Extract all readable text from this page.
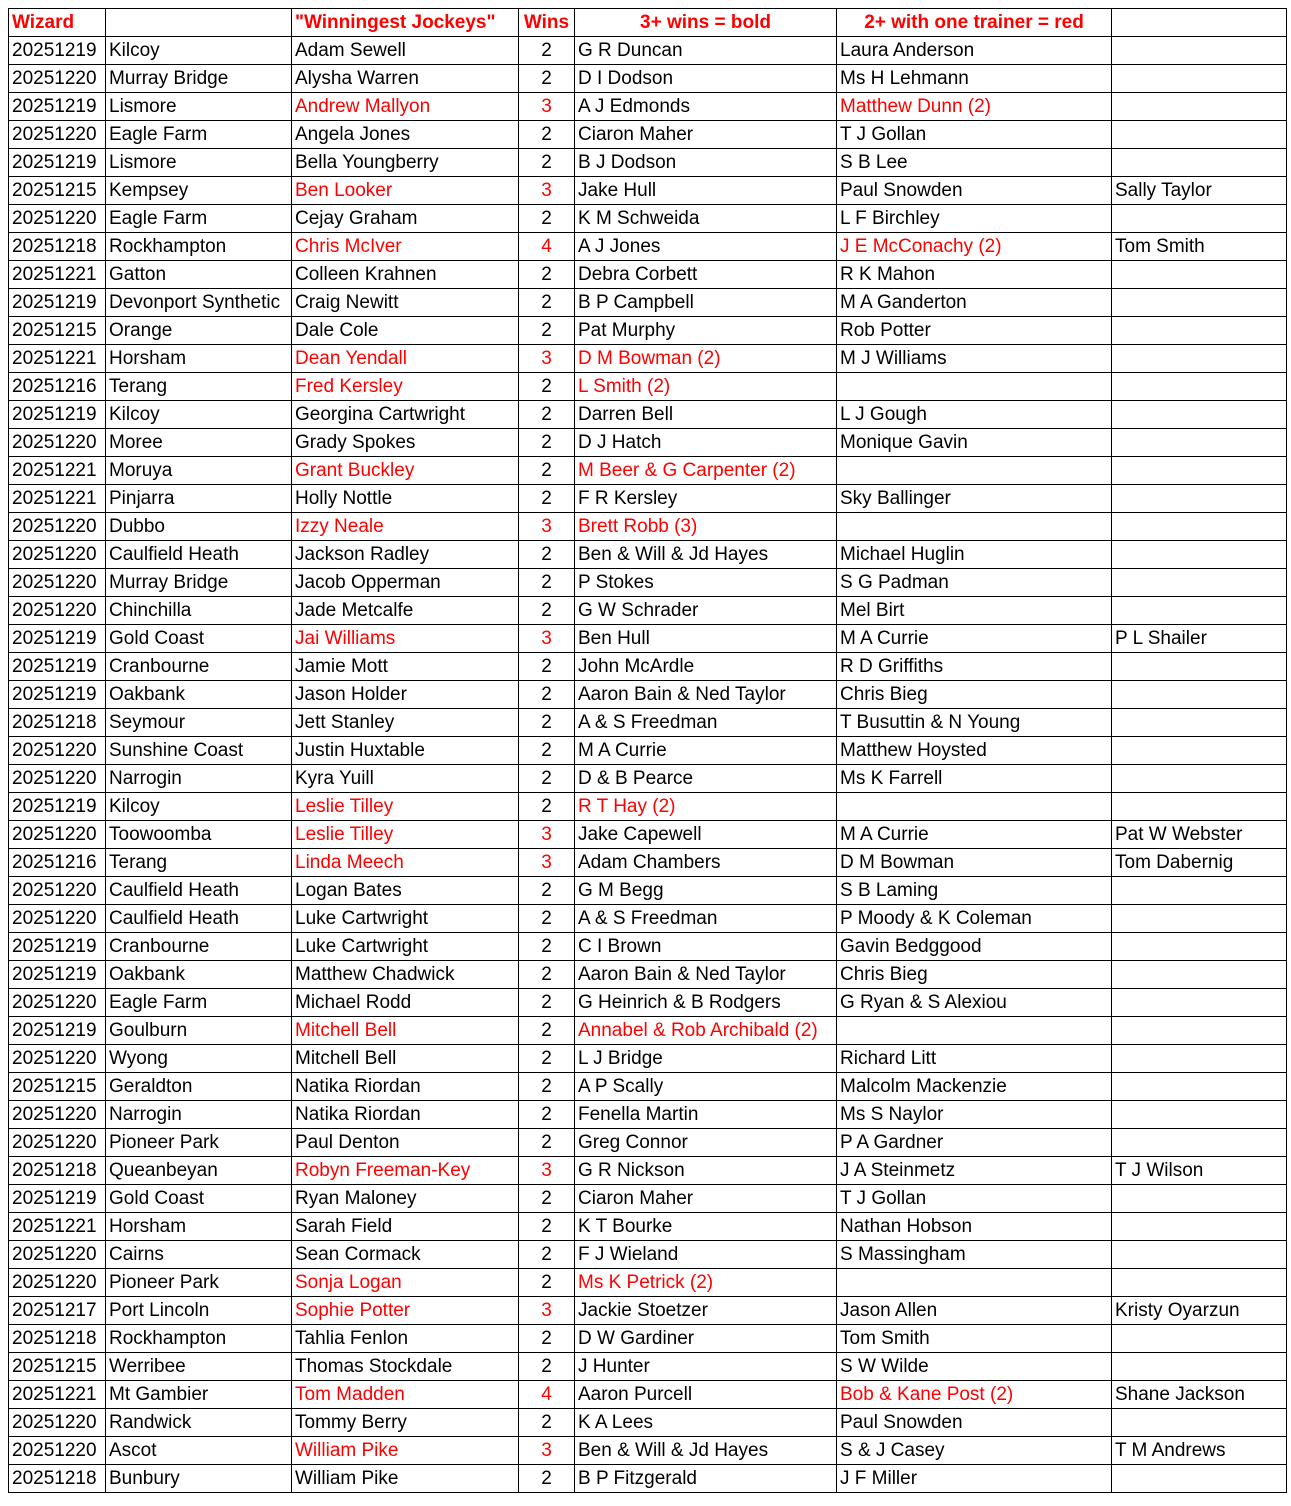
Wizard		"Winningest Jockeys"	Wins	3+ wins = bold	2+ with one trainer = red	
20251219	Kilcoy	Adam Sewell	2	G R Duncan	Laura Anderson	
20251220	Murray Bridge	Alysha Warren	2	D I Dodson	Ms H Lehmann	
20251219	Lismore	Andrew Mallyon	3	A J Edmonds	Matthew Dunn (2)	
20251220	Eagle Farm	Angela Jones	2	Ciaron Maher	T J Gollan	
20251219	Lismore	Bella Youngberry	2	B J Dodson	S B Lee	
20251215	Kempsey	Ben Looker	3	Jake Hull	Paul Snowden	Sally Taylor
20251220	Eagle Farm	Cejay Graham	2	K M Schweida	L F Birchley	
20251218	Rockhampton	Chris McIver	4	A J Jones	J E McConachy (2)	Tom Smith
20251221	Gatton	Colleen Krahnen	2	Debra Corbett	R K Mahon	
20251219	Devonport Synthetic	Craig Newitt	2	B P Campbell	M A Ganderton	
20251215	Orange	Dale Cole	2	Pat Murphy	Rob Potter	
20251221	Horsham	Dean Yendall	3	D M Bowman (2)	M J Williams	
20251216	Terang	Fred Kersley	2	L Smith (2)		
20251219	Kilcoy	Georgina Cartwright	2	Darren Bell	L J Gough	
20251220	Moree	Grady Spokes	2	D J Hatch	Monique Gavin	
20251221	Moruya	Grant Buckley	2	M Beer & G Carpenter (2)		
20251221	Pinjarra	Holly Nottle	2	F R Kersley	Sky Ballinger	
20251220	Dubbo	Izzy Neale	3	Brett Robb (3)		
20251220	Caulfield Heath	Jackson Radley	2	Ben & Will & Jd Hayes	Michael Huglin	
20251220	Murray Bridge	Jacob Opperman	2	P Stokes	S G Padman	
20251220	Chinchilla	Jade Metcalfe	2	G W Schrader	Mel Birt	
20251219	Gold Coast	Jai Williams	3	Ben Hull	M A Currie	P L Shailer
20251219	Cranbourne	Jamie Mott	2	John McArdle	R D Griffiths	
20251219	Oakbank	Jason Holder	2	Aaron Bain & Ned Taylor	Chris Bieg	
20251218	Seymour	Jett Stanley	2	A & S Freedman	T Busuttin & N Young	
20251220	Sunshine Coast	Justin Huxtable	2	M A Currie	Matthew Hoysted	
20251220	Narrogin	Kyra Yuill	2	D & B Pearce	Ms K Farrell	
20251219	Kilcoy	Leslie Tilley	2	R T Hay (2)		
20251220	Toowoomba	Leslie Tilley	3	Jake Capewell	M A Currie	Pat W Webster
20251216	Terang	Linda Meech	3	Adam Chambers	D M Bowman	Tom Dabernig
20251220	Caulfield Heath	Logan Bates	2	G M Begg	S B Laming	
20251220	Caulfield Heath	Luke Cartwright	2	A & S Freedman	P Moody & K Coleman	
20251219	Cranbourne	Luke Cartwright	2	C I Brown	Gavin Bedggood	
20251219	Oakbank	Matthew Chadwick	2	Aaron Bain & Ned Taylor	Chris Bieg	
20251220	Eagle Farm	Michael Rodd	2	G Heinrich & B Rodgers	G Ryan & S Alexiou	
20251219	Goulburn	Mitchell Bell	2	Annabel & Rob Archibald (2)		
20251220	Wyong	Mitchell Bell	2	L J Bridge	Richard Litt	
20251215	Geraldton	Natika Riordan	2	A P Scally	Malcolm Mackenzie	
20251220	Narrogin	Natika Riordan	2	Fenella Martin	Ms S Naylor	
20251220	Pioneer Park	Paul Denton	2	Greg Connor	P A Gardner	
20251218	Queanbeyan	Robyn Freeman-Key	3	G R Nickson	J A Steinmetz	T J Wilson
20251219	Gold Coast	Ryan Maloney	2	Ciaron Maher	T J Gollan	
20251221	Horsham	Sarah Field	2	K T Bourke	Nathan Hobson	
20251220	Cairns	Sean Cormack	2	F J Wieland	S Massingham	
20251220	Pioneer Park	Sonja Logan	2	Ms K Petrick (2)		
20251217	Port Lincoln	Sophie Potter	3	Jackie Stoetzer	Jason Allen	Kristy Oyarzun
20251218	Rockhampton	Tahlia Fenlon	2	D W Gardiner	Tom Smith	
20251215	Werribee	Thomas Stockdale	2	J Hunter	S W Wilde	
20251221	Mt Gambier	Tom Madden	4	Aaron Purcell	Bob & Kane Post (2)	Shane Jackson
20251220	Randwick	Tommy Berry	2	K A Lees	Paul Snowden	
20251220	Ascot	William Pike	3	Ben & Will & Jd Hayes	S & J Casey	T M Andrews
20251218	Bunbury	William Pike	2	B P Fitzgerald	J F Miller	
